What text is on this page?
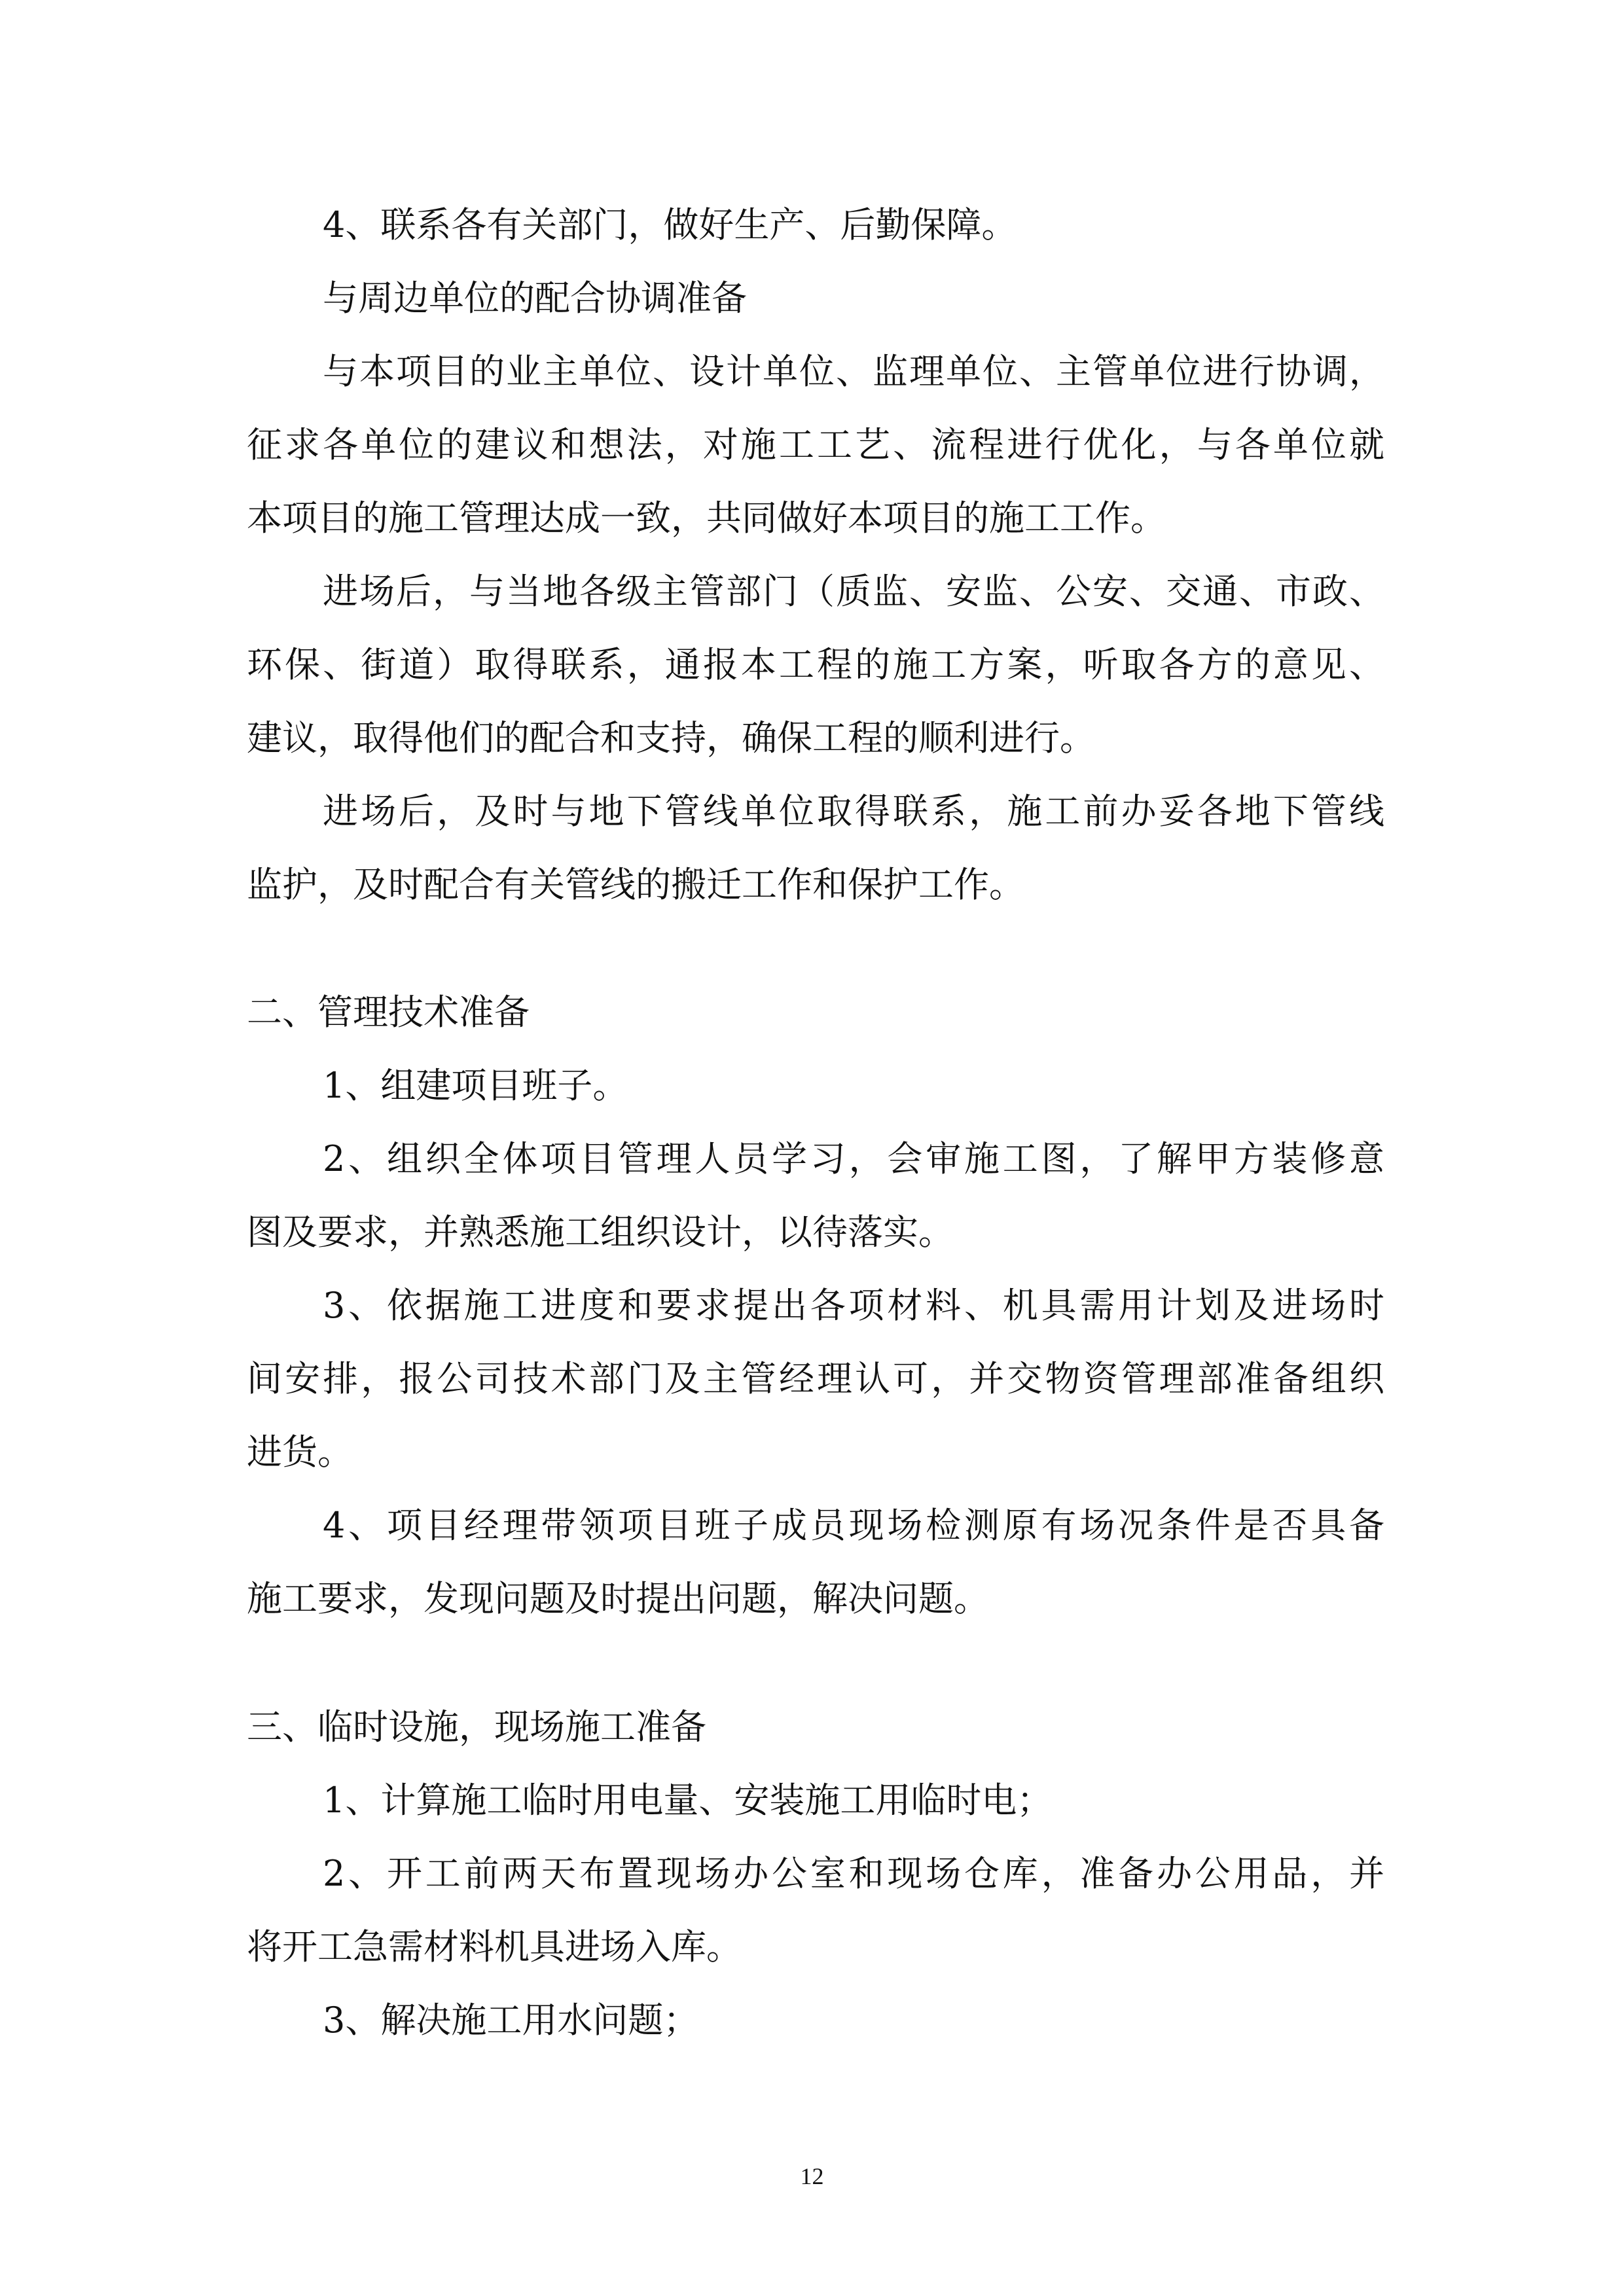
4、联系各有关部门，做好生产、后勤保障。
与周边单位的配合协调准备
与本项目的业主单位、设计单位、监理单位、主管单位进行协调，
征求各单位的建议和想法，对施工工艺、流程进行优化，与各单位就
本项目的施工管理达成一致，共同做好本项目的施工工作。
进场后，与当地各级主管部门（质监、安监、公安、交通、市政、
环保、街道）取得联系，通报本工程的施工方案，听取各方的意见、
建议，取得他们的配合和支持，确保工程的顺利进行。
进场后，及时与地下管线单位取得联系，施工前办妥各地下管线
监护，及时配合有关管线的搬迁工作和保护工作。
二、管理技术准备
1、组建项目班子。
2、组织全体项目管理人员学习，会审施工图，了解甲方装修意
图及要求，并熟悉施工组织设计，以待落实。
3、依据施工进度和要求提出各项材料、机具需用计划及进场时
间安排，报公司技术部门及主管经理认可，并交物资管理部准备组织
进货。
4、项目经理带领项目班子成员现场检测原有场况条件是否具备
施工要求，发现问题及时提出问题，解决问题。
三、临时设施，现场施工准备
1、计算施工临时用电量、安装施工用临时电；
2、开工前两天布置现场办公室和现场仓库，准备办公用品，并
将开工急需材料机具进场入库。
3、解决施工用水问题；
12
